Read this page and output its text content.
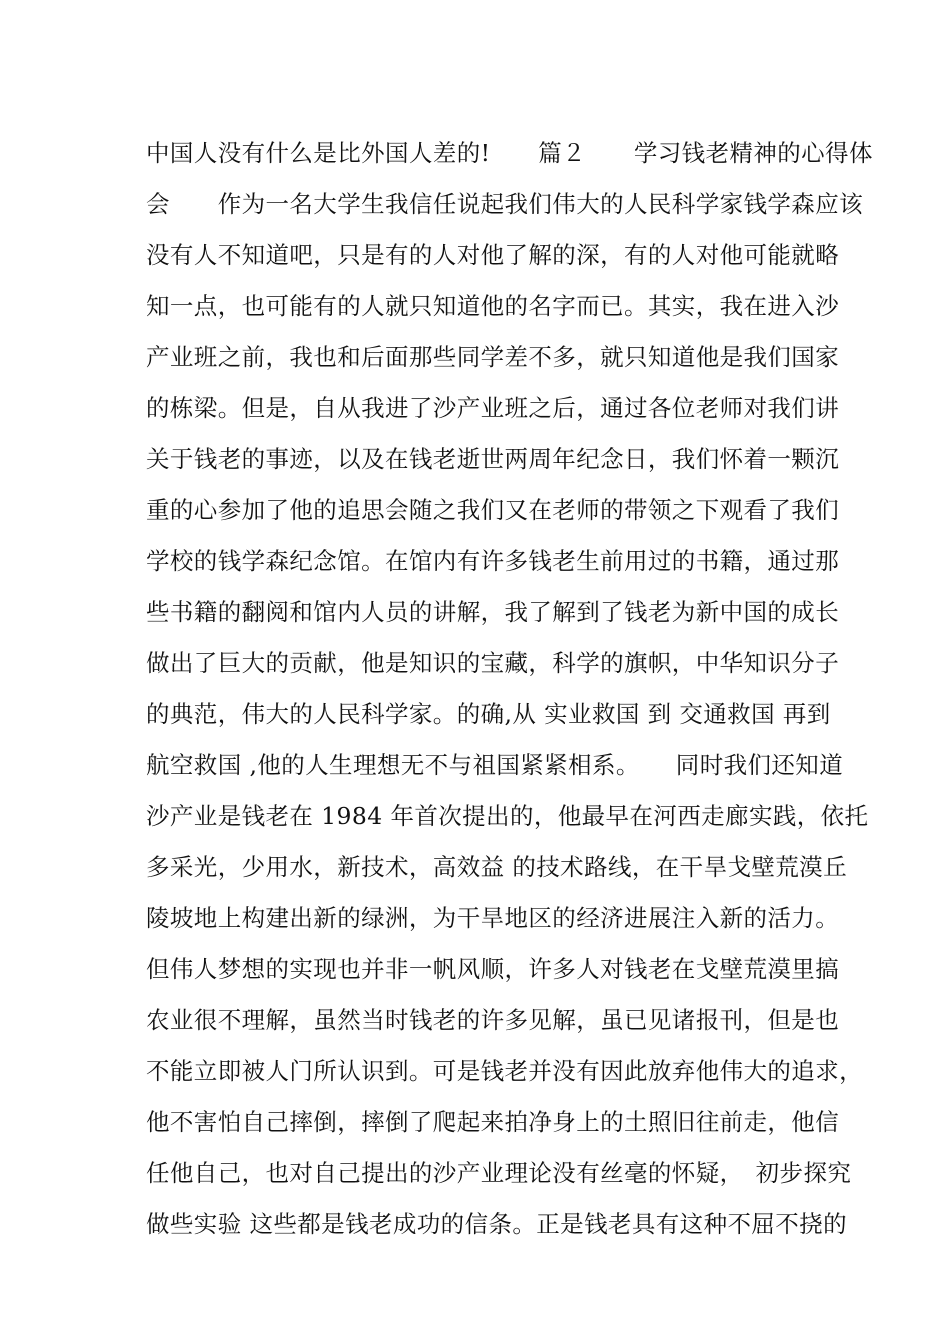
中国人没有什么是比外国人差的!　　篇２　　学习钱老精神的心得体
会　　作为一名大学生我信任说起我们伟大的人民科学家钱学森应该
没有人不知道吧，只是有的人对他了解的深，有的人对他可能就略
知一点，也可能有的人就只知道他的名字而已。其实，我在进入沙
产业班之前，我也和后面那些同学差不多，就只知道他是我们国家
的栋梁。但是，自从我进了沙产业班之后，通过各位老师对我们讲
关于钱老的事迹，以及在钱老逝世两周年纪念日，我们怀着一颗沉
重的心参加了他的追思会随之我们又在老师的带领之下观看了我们
学校的钱学森纪念馆。在馆内有许多钱老生前用过的书籍，通过那
些书籍的翻阅和馆内人员的讲解，我了解到了钱老为新中国的成长
做出了巨大的贡献，他是知识的宝藏，科学的旗帜，中华知识分子
的典范，伟大的人民科学家。的确,从 实业救国 到 交通救国 再到
航空救国 ,他的人生理想无不与祖国紧紧相系。　　同时我们还知道
沙产业是钱老在 1984 年首次提出的，他最早在河西走廊实践，依托
多采光，少用水，新技术，高效益 的技术路线，在干旱戈壁荒漠丘
陵坡地上构建出新的绿洲，为干旱地区的经济进展注入新的活力。
但伟人梦想的实现也并非一帆风顺，许多人对钱老在戈壁荒漠里搞
农业很不理解，虽然当时钱老的许多见解，虽已见诸报刊，但是也
不能立即被人门所认识到。可是钱老并没有因此放弃他伟大的追求，
他不害怕自己摔倒，摔倒了爬起来拍净身上的土照旧往前走，他信
任他自己，也对自己提出的沙产业理论没有丝毫的怀疑，　初步探究
做些实验 这些都是钱老成功的信条。正是钱老具有这种不屈不挠的
